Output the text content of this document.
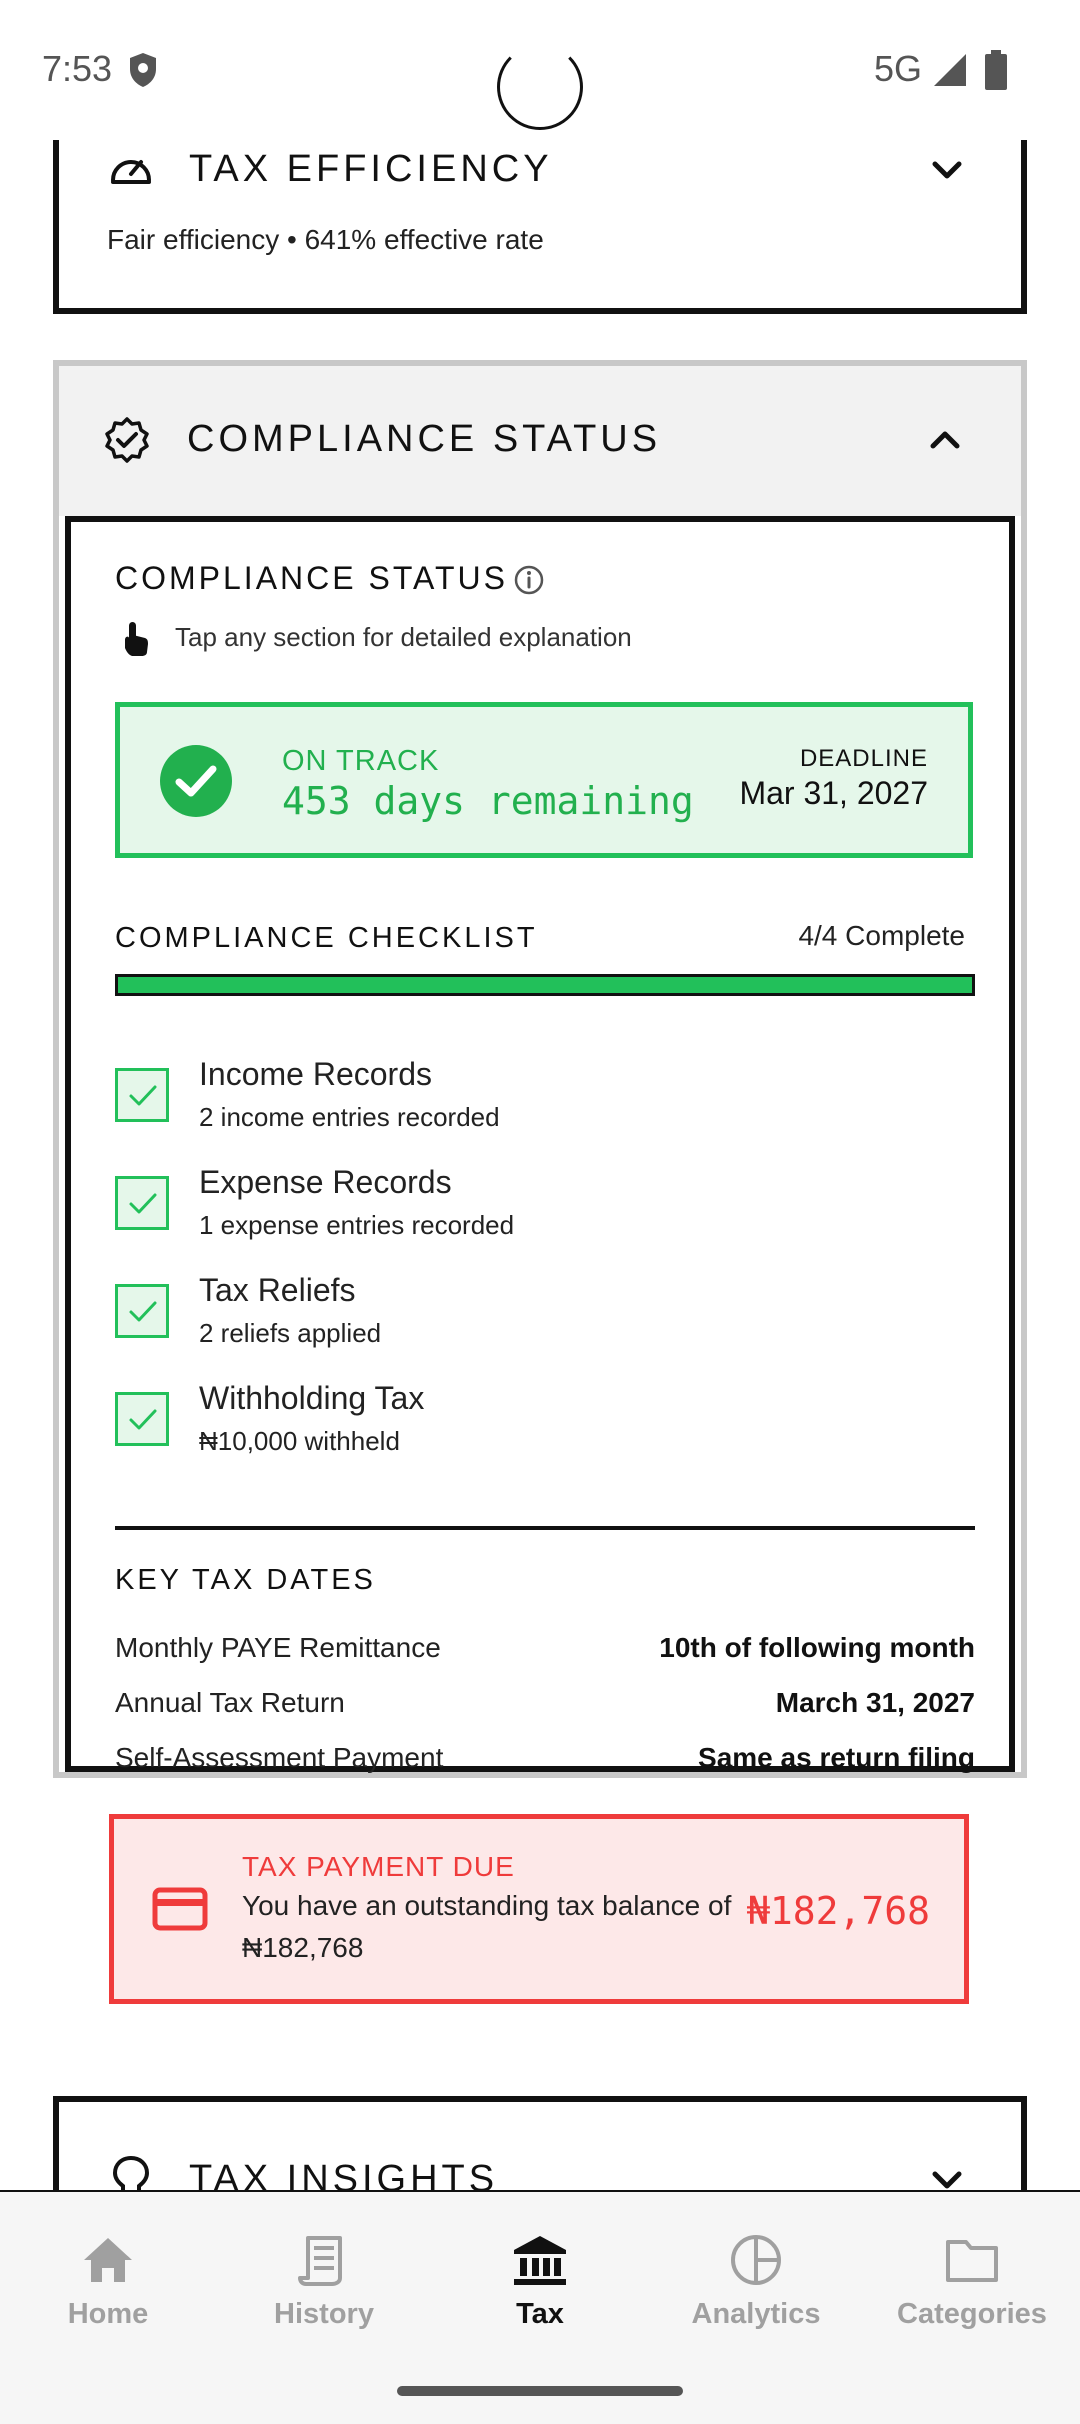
7:53	5G
TAX EFFICIENCY
Fair efficiency • 641% effective rate
COMPLIANCE STATUS
COMPLIANCE STATUS
Tap any section for detailed explanation
ON TRACK
453 days remaining
DEADLINE
Mar 31, 2027
COMPLIANCE CHECKLIST	4/4 Complete
Income Records
2 income entries recorded
Expense Records
1 expense entries recorded
Tax Reliefs
2 reliefs applied
Withholding Tax
₦10,000 withheld
KEY TAX DATES
Monthly PAYE Remittance	10th of following month
Annual Tax Return	March 31, 2027
Self-Assessment Payment	Same as return filing
TAX PAYMENT DUE
You have an outstanding tax balance of ₦182,768
₦182,768
TAX INSIGHTS
Home	History	Tax	Analytics	Categories
